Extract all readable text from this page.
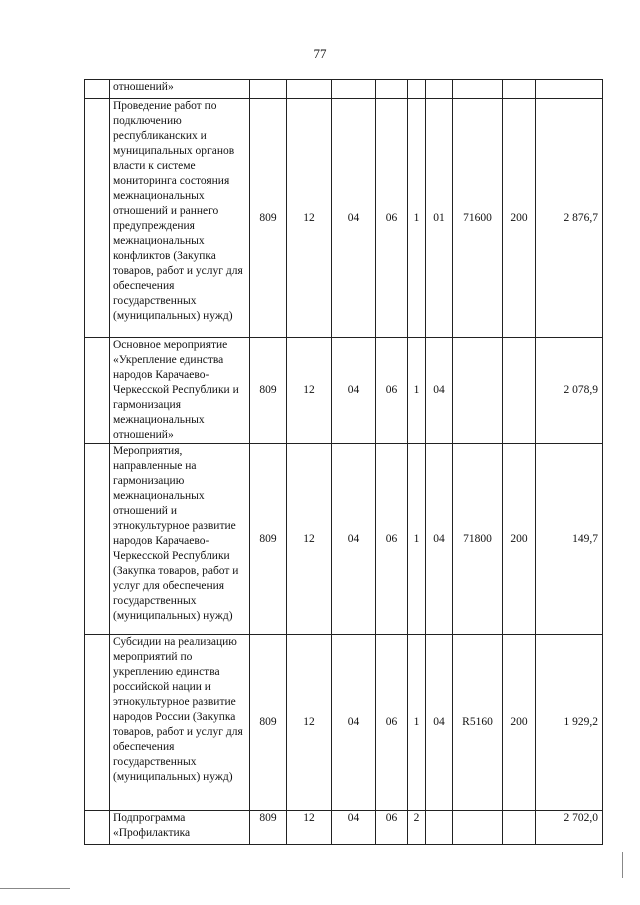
77
	отношений»									
	Проведение работ по подключению республиканских и муниципальных органов власти к системе мониторинга состояния межнациональных отношений и раннего предупреждения межнациональных конфликтов (Закупка товаров, работ и услуг для обеспечения государственных (муниципальных) нужд)	809	12	04	06	1	01	71600	200	2 876,7
	Основное мероприятие «Укрепление единства народов Карачаево-Черкесской Республики и гармонизация межнациональных отношений»	809	12	04	06	1	04			2 078,9
	Мероприятия, направленные на гармонизацию межнациональных отношений и этнокультурное развитие народов Карачаево-Черкесской Республики (Закупка товаров, работ и услуг для обеспечения государственных (муниципальных) нужд)	809	12	04	06	1	04	71800	200	149,7
	Субсидии на реализацию мероприятий по укреплению единства российской нации и этнокультурное развитие народов России (Закупка товаров, работ и услуг для обеспечения государственных (муниципальных) нужд)	809	12	04	06	1	04	R5160	200	1 929,2
	Подпрограмма «Профилактика	809	12	04	06	2				2 702,0
